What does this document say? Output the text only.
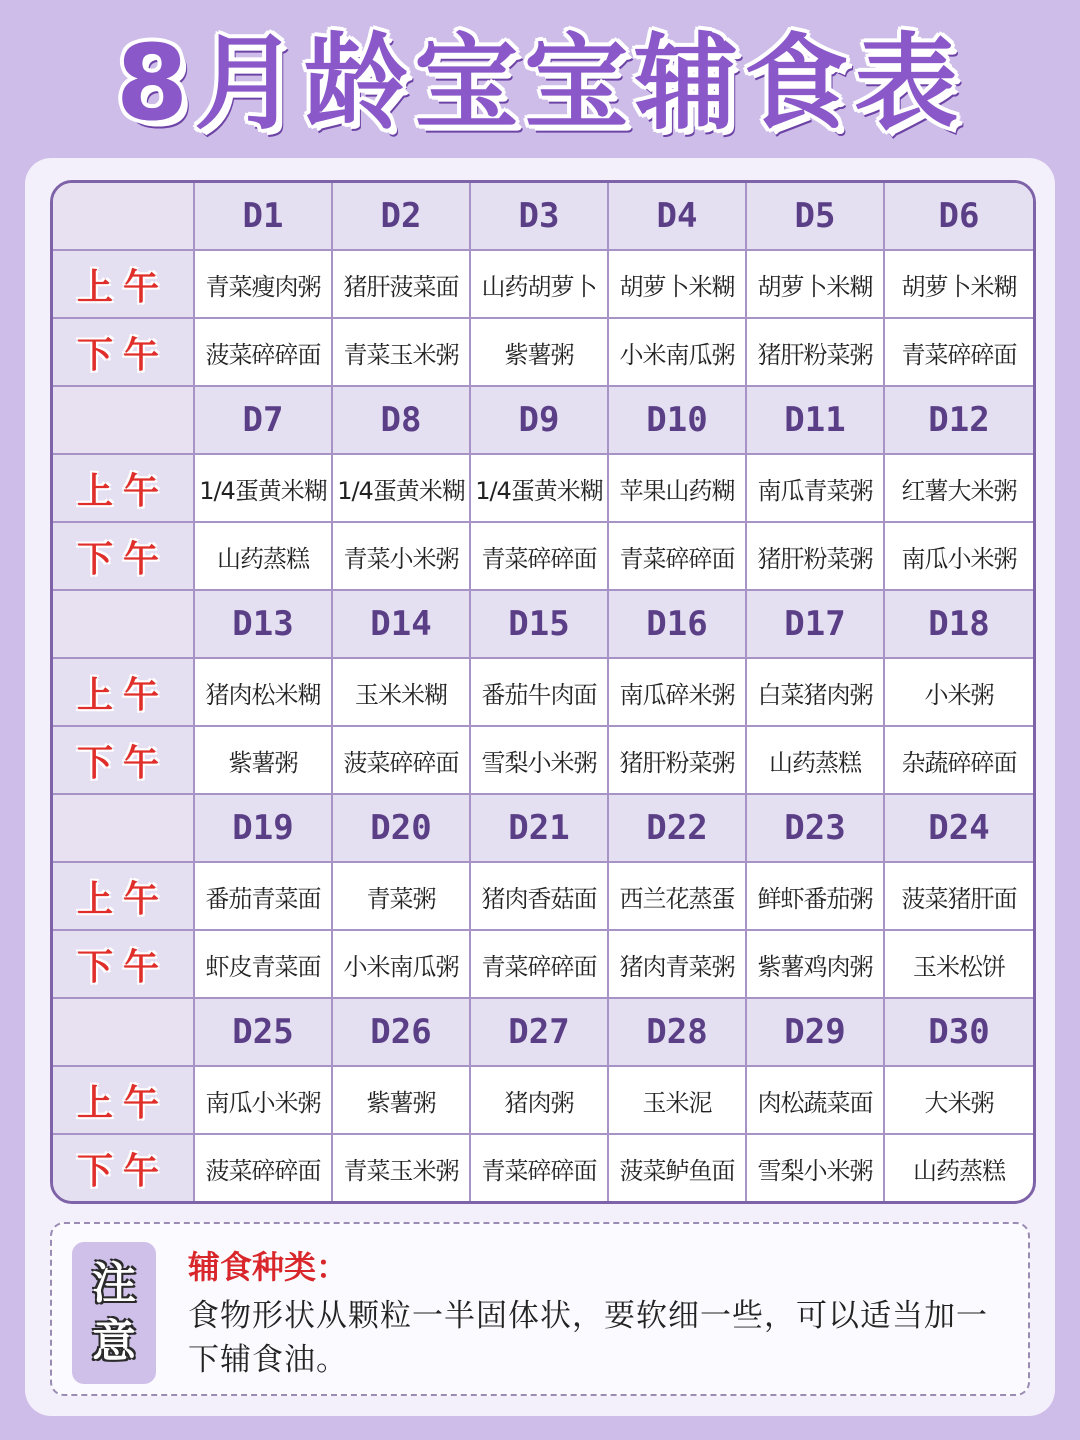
8月龄宝宝辅食表
	D1	D2	D3	D4	D5	D6
上午	青菜瘦肉粥	猪肝菠菜面	山药胡萝卜	胡萝卜米糊	胡萝卜米糊	胡萝卜米糊
下午	菠菜碎碎面	青菜玉米粥	紫薯粥	小米南瓜粥	猪肝粉菜粥	青菜碎碎面
	D7	D8	D9	D10	D11	D12
上午	1/4蛋黄米糊	1/4蛋黄米糊	1/4蛋黄米糊	苹果山药糊	南瓜青菜粥	红薯大米粥
下午	山药蒸糕	青菜小米粥	青菜碎碎面	青菜碎碎面	猪肝粉菜粥	南瓜小米粥
	D13	D14	D15	D16	D17	D18
上午	猪肉松米糊	玉米米糊	番茄牛肉面	南瓜碎米粥	白菜猪肉粥	小米粥
下午	紫薯粥	菠菜碎碎面	雪梨小米粥	猪肝粉菜粥	山药蒸糕	杂蔬碎碎面
	D19	D20	D21	D22	D23	D24
上午	番茄青菜面	青菜粥	猪肉香菇面	西兰花蒸蛋	鲜虾番茄粥	菠菜猪肝面
下午	虾皮青菜面	小米南瓜粥	青菜碎碎面	猪肉青菜粥	紫薯鸡肉粥	玉米松饼
	D25	D26	D27	D28	D29	D30
上午	南瓜小米粥	紫薯粥	猪肉粥	玉米泥	肉松蔬菜面	大米粥
下午	菠菜碎碎面	青菜玉米粥	青菜碎碎面	菠菜鲈鱼面	雪梨小米粥	山药蒸糕
注
意
辅食种类：
食物形状从颗粒一半固体状，要软细一些，可以适当加一下辅食油。
